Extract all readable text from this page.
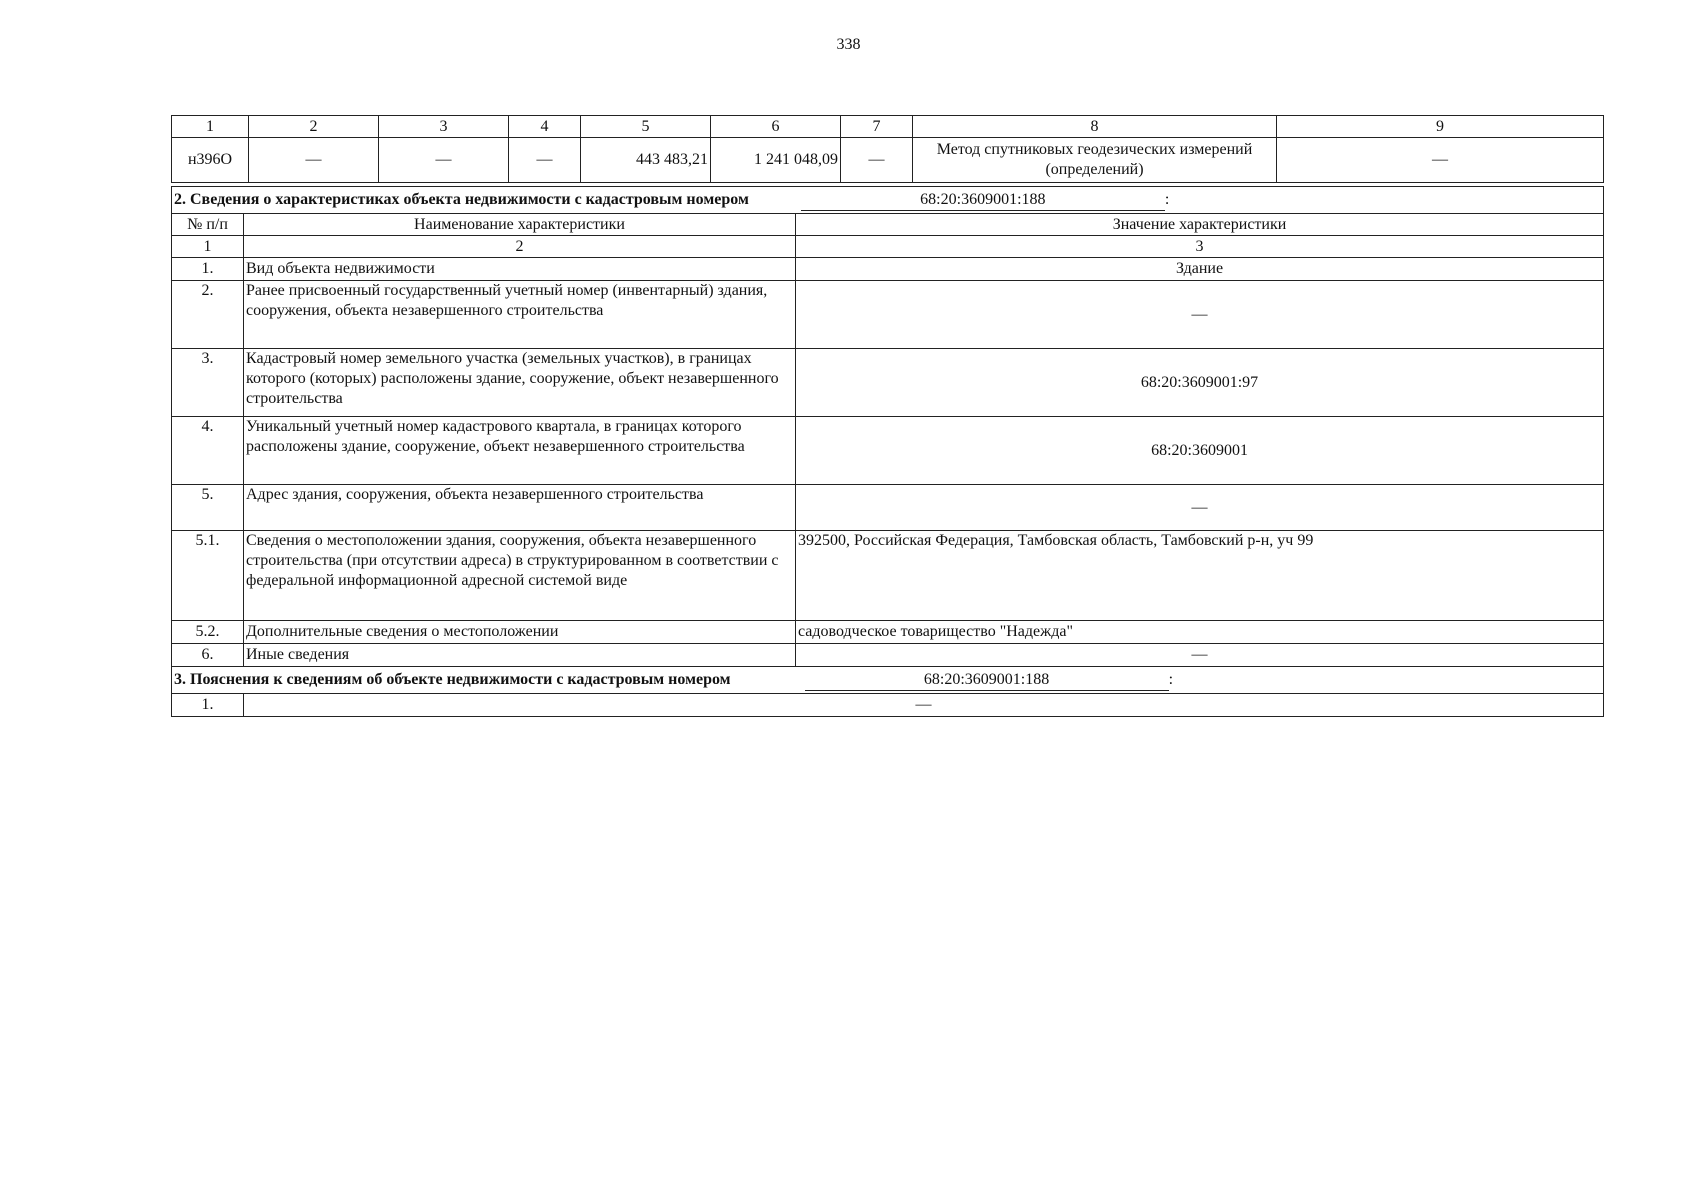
338
1	2	3	4	5	6	7	8	9
н396О	—	—	—	443 483,21	1 241 048,09	—	Метод спутниковых геодезических измерений (определений)	—
2. Сведения о характеристиках объекта недвижимости с кадастровым номером 68:20:3609001:188 :		
№ п/п	Наименование характеристики	Значение характеристики
1	2	3
1.	Вид объекта недвижимости	Здание
2.	Ранее присвоенный государственный учетный номер (инвентарный) здания, сооружения, объекта незавершенного строительства	—
3.	Кадастровый номер земельного участка (земельных участков), в границах которого (которых) расположены здание, сооружение, объект незавершенного строительства	68:20:3609001:97
4.	Уникальный учетный номер кадастрового квартала, в границах которого расположены здание, сооружение, объект незавершенного строительства	68:20:3609001
5.	Адрес здания, сооружения, объекта незавершенного строительства	—
5.1.	Сведения о местоположении здания, сооружения, объекта незавершенного строительства (при отсутствии адреса) в структурированном в соответствии с федеральной информационной адресной системой виде	392500, Российская Федерация, Тамбовская область, Тамбовский р-н, уч 99
5.2.	Дополнительные сведения о местоположении	садоводческое товарищество "Надежда"
6.	Иные сведения	—
3. Пояснения к сведениям об объекте недвижимости с кадастровым номером 68:20:3609001:188 :		
1.	—	
